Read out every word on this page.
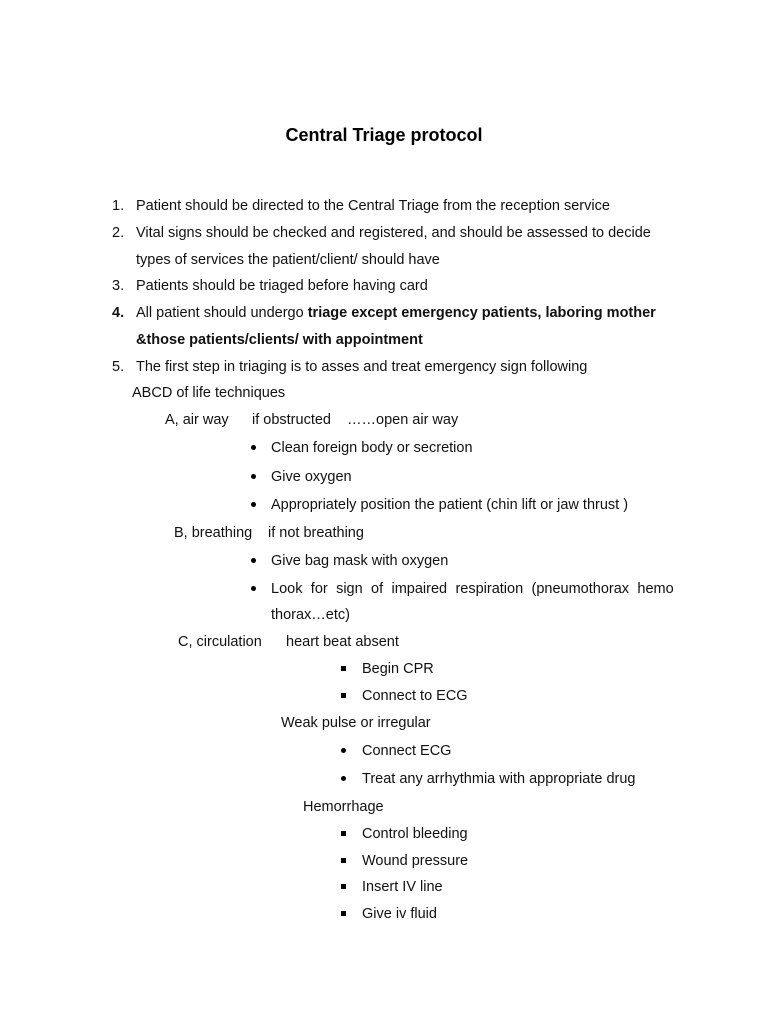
Central Triage protocol
1. Patient should be directed to the Central Triage from the reception service
2. Vital signs should be checked and registered, and should be assessed to decide
types of services the patient/client/ should have
3. Patients should be triaged before having card
4. All patient should undergo triage except emergency patients, laboring mother
&those patients/clients/ with appointment
5. The first step in triaging is to asses and treat emergency sign following
ABCD of life techniques
A, air way if obstructed ……open air way
Clean foreign body or secretion
Give oxygen
Appropriately position the patient (chin lift or jaw thrust )
B, breathing if not breathing
Give bag mask with oxygen
Look for sign of impaired respiration (pneumothorax hemo
thorax…etc)
C, circulation heart beat absent
Begin CPR
Connect to ECG
Weak pulse or irregular
Connect ECG
Treat any arrhythmia with appropriate drug
Hemorrhage
Control bleeding
Wound pressure
Insert IV line
Give iv fluid
